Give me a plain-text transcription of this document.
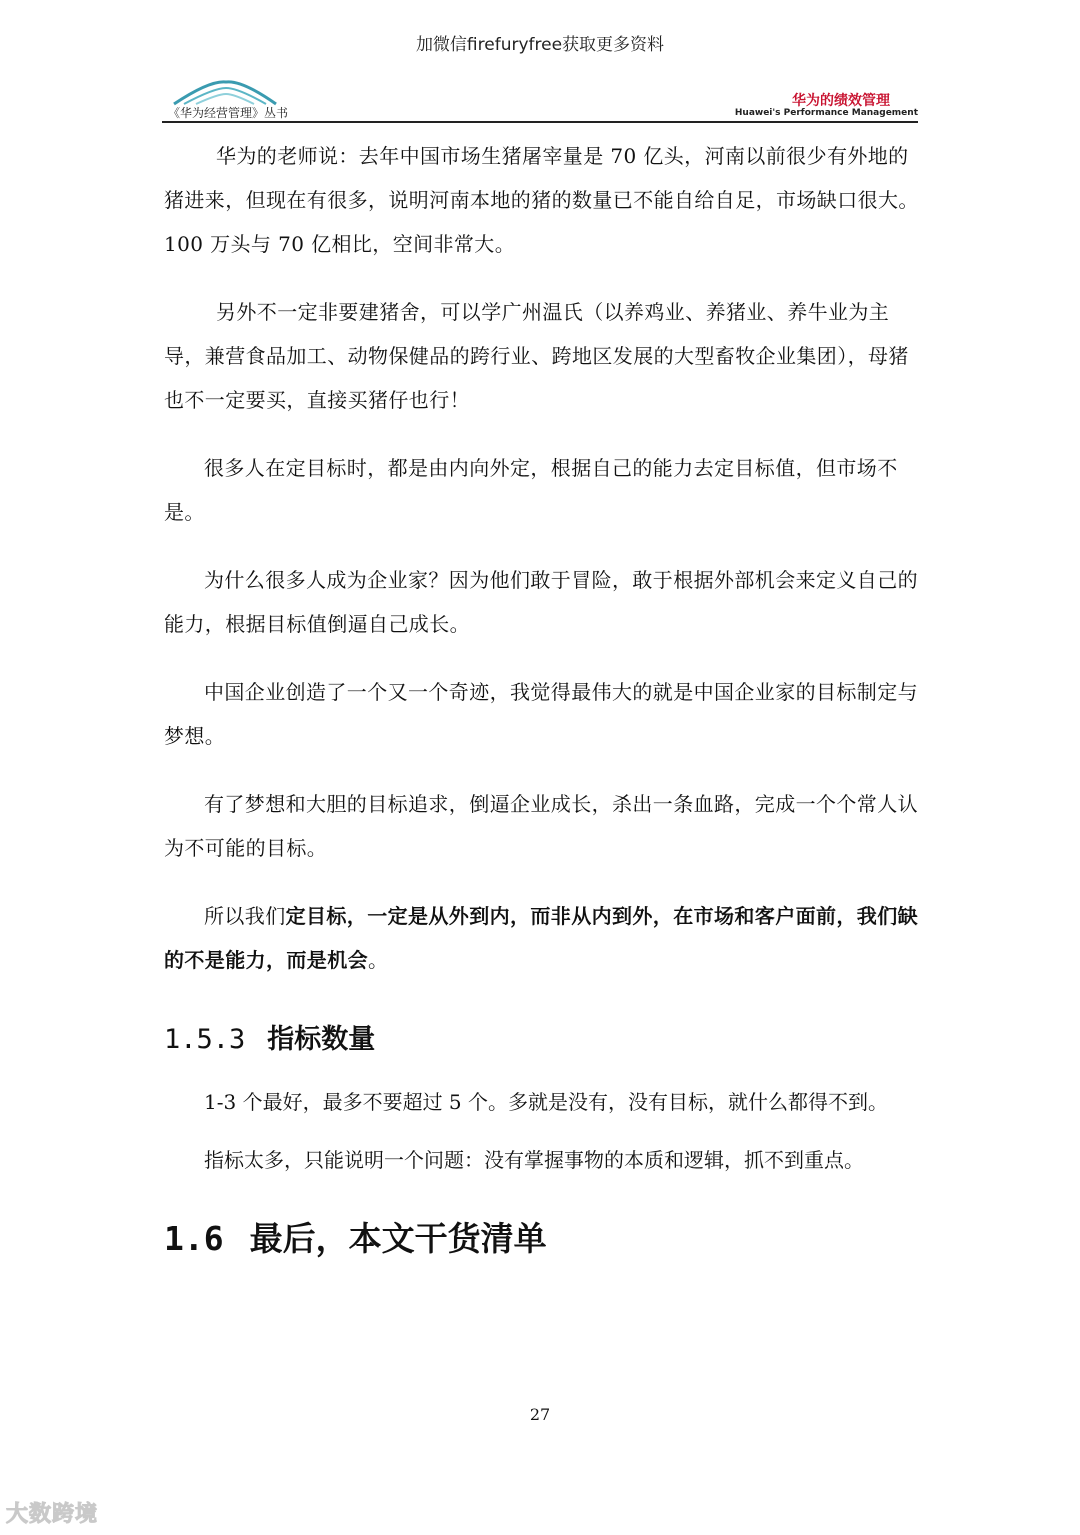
加微信firefuryfree获取更多资料
《华为经营管理》丛书
华为的绩效管理
Huawei's Performance Management

华为的老师说：去年中国市场生猪屠宰量是 70 亿头，河南以前很少有外地的猪进来，但现在有很多，说明河南本地的猪的数量已不能自给自足，市场缺口很大。100 万头与 70 亿相比，空间非常大。

另外不一定非要建猪舍，可以学广州温氏（以养鸡业、养猪业、养牛业为主导，兼营食品加工、动物保健品的跨行业、跨地区发展的大型畜牧企业集团），母猪也不一定要买，直接买猪仔也行！

很多人在定目标时，都是由内向外定，根据自己的能力去定目标值，但市场不是。

为什么很多人成为企业家？因为他们敢于冒险，敢于根据外部机会来定义自己的能力，根据目标值倒逼自己成长。

中国企业创造了一个又一个奇迹，我觉得最伟大的就是中国企业家的目标制定与梦想。

有了梦想和大胆的目标追求，倒逼企业成长，杀出一条血路，完成一个个常人认为不可能的目标。

所以我们定目标，一定是从外到内，而非从内到外，在市场和客户面前，我们缺的不是能力，而是机会。

1.5.3 指标数量

1-3 个最好，最多不要超过 5 个。多就是没有，没有目标，就什么都得不到。

指标太多，只能说明一个问题：没有掌握事物的本质和逻辑，抓不到重点。

1.6 最后，本文干货清单
27
大数跨境
